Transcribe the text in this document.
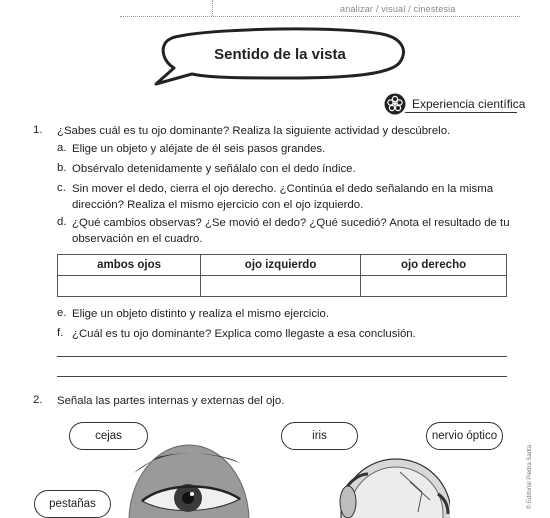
analizar / visual / cinestesia
Sentido de la vista
Experiencia científica
1. ¿Sabes cuál es tu ojo dominante? Realiza la siguiente actividad y descúbrelo.
a. Elige un objeto y aléjate de él seis pasos grandes.
b. Obsérvalo detenidamente y señálalo con el dedo índice.
c. Sin mover el dedo, cierra el ojo derecho. ¿Continúa el dedo señalando en la misma
dirección? Realiza el mismo ejercicio con el ojo izquierdo.
d. ¿Qué cambios observas? ¿Se movió el dedo? ¿Qué sucedió? Anota el resultado de tu
observación en el cuadro.
ambos ojos	ojo izquierdo	ojo derecho

e. Elige un objeto distinto y realiza el mismo ejercicio.
f. ¿Cuál es tu ojo dominante? Explica como llegaste a esa conclusión.
2. Señala las partes internas y externas del ojo.
cejas	iris	nervio óptico
pestañas	© Editorial Piedra Santa
